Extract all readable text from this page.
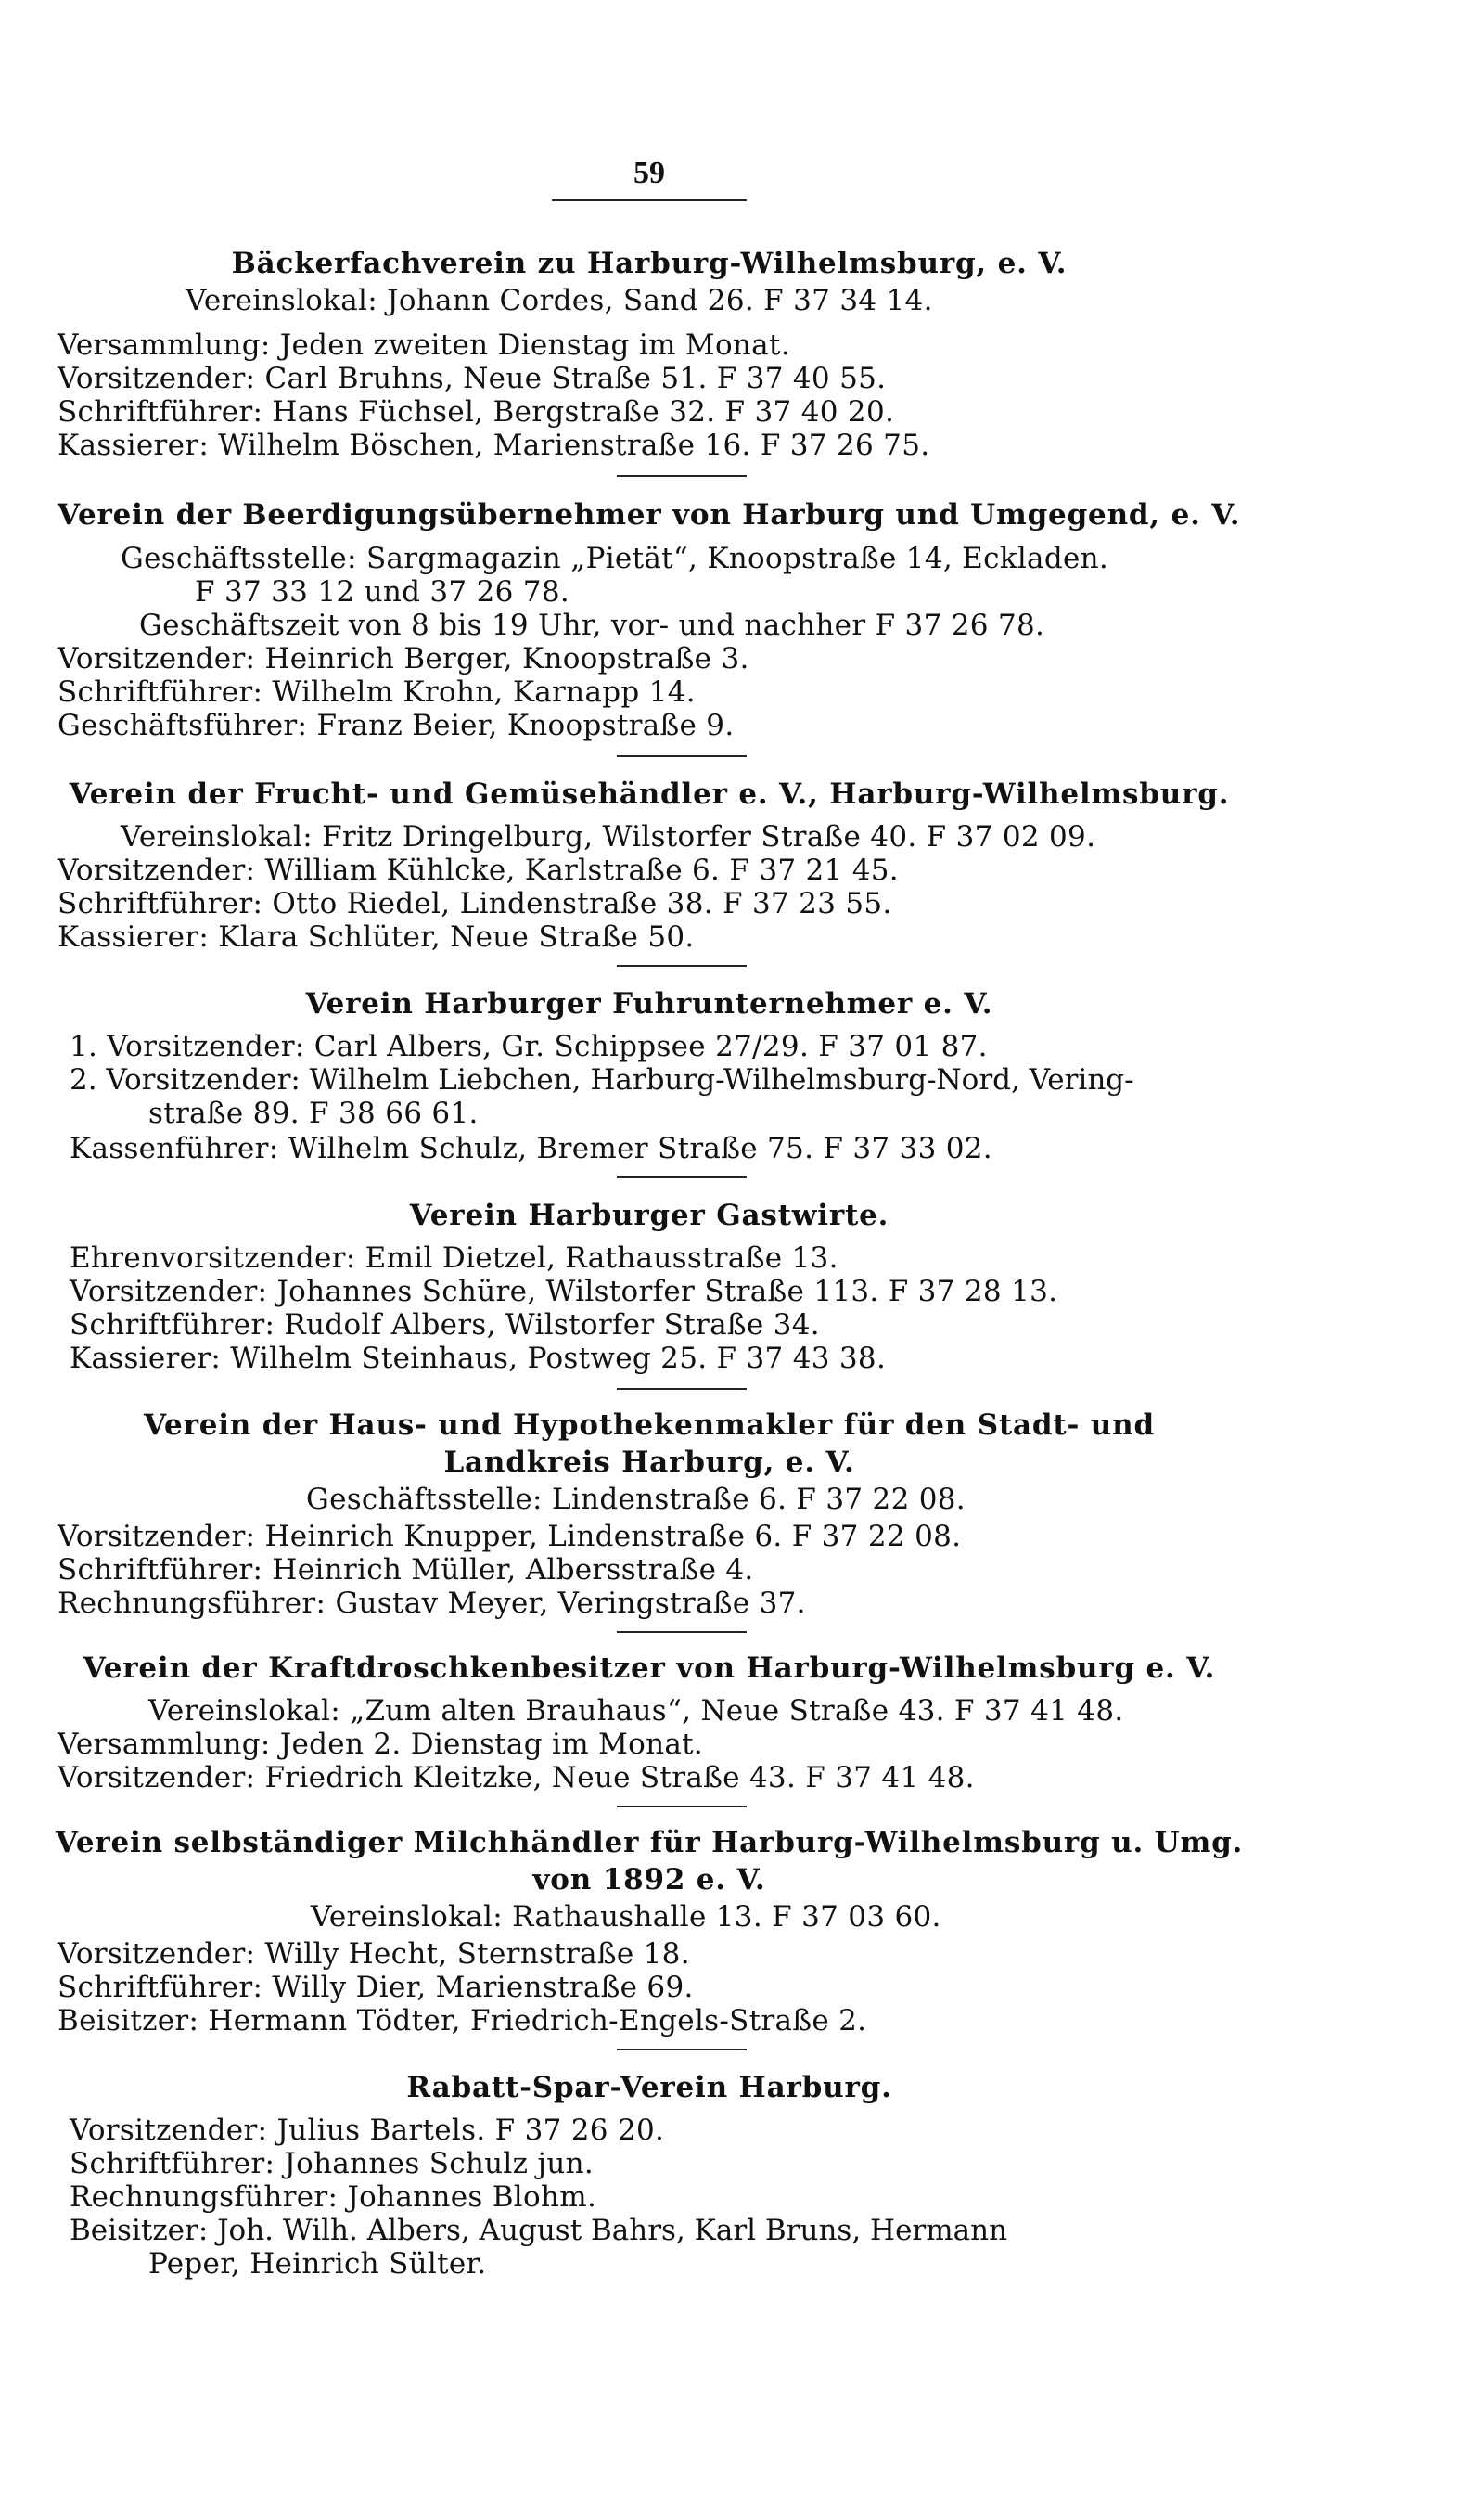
59
Bäckerfachverein zu Harburg-Wilhelmsburg, e. V.
Vereinslokal: Johann Cordes, Sand 26. F 37 34 14.
Versammlung: Jeden zweiten Dienstag im Monat.
Vorsitzender: Carl Bruhns, Neue Straße 51. F 37 40 55.
Schriftführer: Hans Füchsel, Bergstraße 32. F 37 40 20.
Kassierer: Wilhelm Böschen, Marienstraße 16. F 37 26 75.
Verein der Beerdigungsübernehmer von Harburg und Umgegend, e. V.
Geschäftsstelle: Sargmagazin „Pietät“, Knoopstraße 14, Eckladen.
F 37 33 12 und 37 26 78.
Geschäftszeit von 8 bis 19 Uhr, vor- und nachher F 37 26 78.
Vorsitzender: Heinrich Berger, Knoopstraße 3.
Schriftführer: Wilhelm Krohn, Karnapp 14.
Geschäftsführer: Franz Beier, Knoopstraße 9.
Verein der Frucht- und Gemüsehändler e. V., Harburg-Wilhelmsburg.
Vereinslokal: Fritz Dringelburg, Wilstorfer Straße 40. F 37 02 09.
Vorsitzender: William Kühlcke, Karlstraße 6. F 37 21 45.
Schriftführer: Otto Riedel, Lindenstraße 38. F 37 23 55.
Kassierer: Klara Schlüter, Neue Straße 50.
Verein Harburger Fuhrunternehmer e. V.
1. Vorsitzender: Carl Albers, Gr. Schippsee 27/29. F 37 01 87.
2. Vorsitzender: Wilhelm Liebchen, Harburg-Wilhelmsburg-Nord, Vering-
straße 89. F 38 66 61.
Kassenführer: Wilhelm Schulz, Bremer Straße 75. F 37 33 02.
Verein Harburger Gastwirte.
Ehrenvorsitzender: Emil Dietzel, Rathausstraße 13.
Vorsitzender: Johannes Schüre, Wilstorfer Straße 113. F 37 28 13.
Schriftführer: Rudolf Albers, Wilstorfer Straße 34.
Kassierer: Wilhelm Steinhaus, Postweg 25. F 37 43 38.
Verein der Haus- und Hypothekenmakler für den Stadt- und
Landkreis Harburg, e. V.
Geschäftsstelle: Lindenstraße 6. F 37 22 08.
Vorsitzender: Heinrich Knupper, Lindenstraße 6. F 37 22 08.
Schriftführer: Heinrich Müller, Albersstraße 4.
Rechnungsführer: Gustav Meyer, Veringstraße 37.
Verein der Kraftdroschkenbesitzer von Harburg-Wilhelmsburg e. V.
Vereinslokal: „Zum alten Brauhaus“, Neue Straße 43. F 37 41 48.
Versammlung: Jeden 2. Dienstag im Monat.
Vorsitzender: Friedrich Kleitzke, Neue Straße 43. F 37 41 48.
Verein selbständiger Milchhändler für Harburg-Wilhelmsburg u. Umg.
von 1892 e. V.
Vereinslokal: Rathaushalle 13. F 37 03 60.
Vorsitzender: Willy Hecht, Sternstraße 18.
Schriftführer: Willy Dier, Marienstraße 69.
Beisitzer: Hermann Tödter, Friedrich-Engels-Straße 2.
Rabatt-Spar-Verein Harburg.
Vorsitzender: Julius Bartels. F 37 26 20.
Schriftführer: Johannes Schulz jun.
Rechnungsführer: Johannes Blohm.
Beisitzer: Joh. Wilh. Albers, August Bahrs, Karl Bruns, Hermann
Peper, Heinrich Sülter.
